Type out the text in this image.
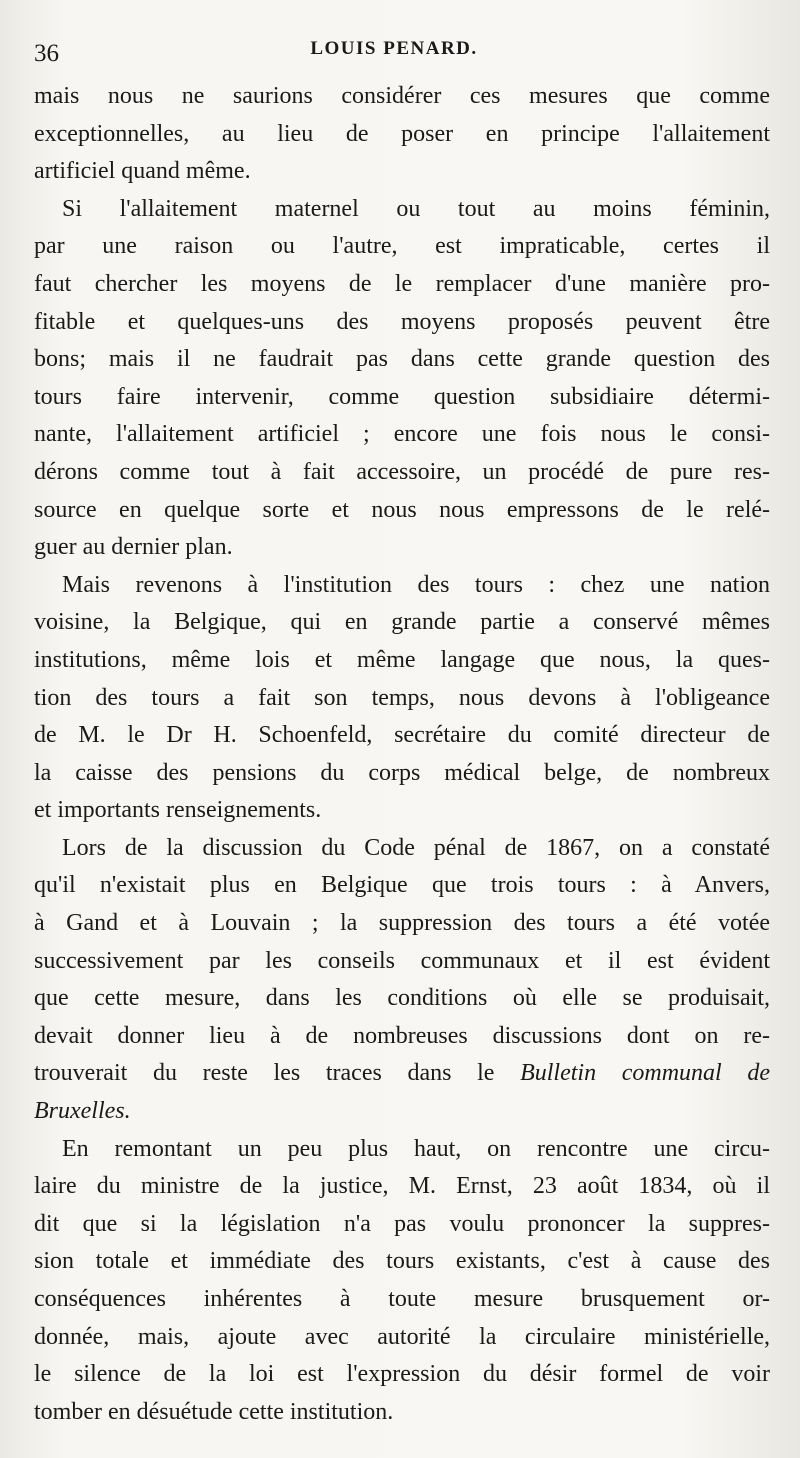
36	LOUIS PENARD.
mais nous ne saurions considérer ces mesures que comme
exceptionnelles, au lieu de poser en principe l'allaitement
artificiel quand même.
Si l'allaitement maternel ou tout au moins féminin,
par une raison ou l'autre, est impraticable, certes il
faut chercher les moyens de le remplacer d'une manière pro-
fitable et quelques-uns des moyens proposés peuvent être
bons; mais il ne faudrait pas dans cette grande question des
tours faire intervenir, comme question subsidiaire détermi-
nante, l'allaitement artificiel ; encore une fois nous le consi-
dérons comme tout à fait accessoire, un procédé de pure res-
source en quelque sorte et nous nous empressons de le relé-
guer au dernier plan.
Mais revenons à l'institution des tours : chez une nation
voisine, la Belgique, qui en grande partie a conservé mêmes
institutions, même lois et même langage que nous, la ques-
tion des tours a fait son temps, nous devons à l'obligeance
de M. le Dr H. Schoenfeld, secrétaire du comité directeur de
la caisse des pensions du corps médical belge, de nombreux
et importants renseignements.
Lors de la discussion du Code pénal de 1867, on a constaté
qu'il n'existait plus en Belgique que trois tours : à Anvers,
à Gand et à Louvain ; la suppression des tours a été votée
successivement par les conseils communaux et il est évident
que cette mesure, dans les conditions où elle se produisait,
devait donner lieu à de nombreuses discussions dont on re-
trouverait du reste les traces dans le Bulletin communal de
Bruxelles.
En remontant un peu plus haut, on rencontre une circu-
laire du ministre de la justice, M. Ernst, 23 août 1834, où il
dit que si la législation n'a pas voulu prononcer la suppres-
sion totale et immédiate des tours existants, c'est à cause des
conséquences inhérentes à toute mesure brusquement or-
donnée, mais, ajoute avec autorité la circulaire ministérielle,
le silence de la loi est l'expression du désir formel de voir
tomber en désuétude cette institution.
